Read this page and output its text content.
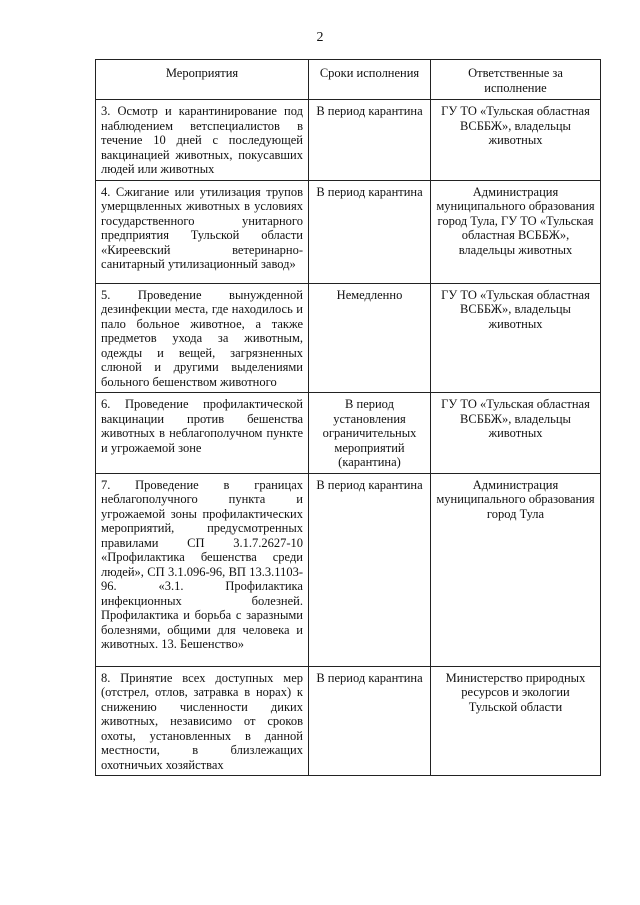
2
Мероприятия	Сроки исполнения	Ответственные за исполнение
3. Осмотр и карантинирование под наблюдением ветспециалистов в течение 10 дней с последующей вакцинацией животных, покусавших людей или животных	В период карантина	ГУ ТО «Тульская областная ВСББЖ», владельцы животных
4. Сжигание или утилизация трупов умерщвленных животных в условиях государственного унитарного предприятия Тульской области «Киреевский ветеринарно-санитарный утилизационный завод»	В период карантина	Администрация муниципального образования город Тула, ГУ ТО «Тульская областная ВСББЖ», владельцы животных
5. Проведение вынужденной дезинфекции места, где находилось и пало больное животное, а также предметов ухода за животным, одежды и вещей, загрязненных слюной и другими выделениями больного бешенством животного	Немедленно	ГУ ТО «Тульская областная ВСББЖ», владельцы животных
6. Проведение профилактической вакцинации против бешенства животных в неблагополучном пункте и угрожаемой зоне	В период установления ограничительных мероприятий (карантина)	ГУ ТО «Тульская областная ВСББЖ», владельцы животных
7. Проведение в границах неблагополучного пункта и угрожаемой зоны профилактических мероприятий, предусмотренных правилами СП 3.1.7.2627-10 «Профилактика бешенства среди людей», СП 3.1.096-96, ВП 13.3.1103-96. «3.1. Профилактика инфекционных болезней. Профилактика и борьба с заразными болезнями, общими для человека и животных. 13. Бешенство»	В период карантина	Администрация муниципального образования город Тула
8. Принятие всех доступных мер (отстрел, отлов, затравка в норах) к снижению численности диких животных, независимо от сроков охоты, установленных в данной местности, в близлежащих охотничьих хозяйствах	В период карантина	Министерство природных ресурсов и экологии Тульской области
